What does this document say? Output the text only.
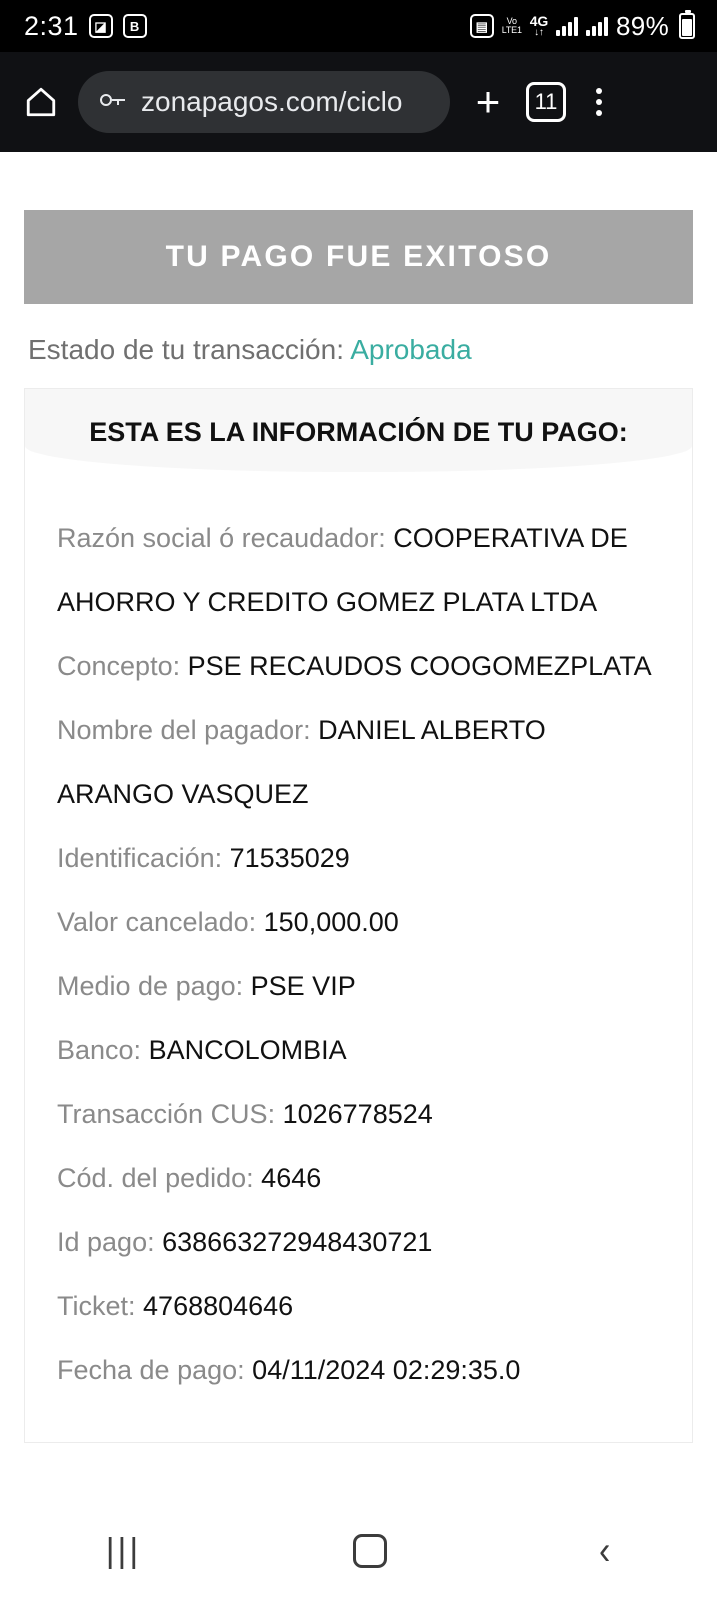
2:31	◪	B	▤	Vo
LTE1
4G
↓↑	89%
zonapagos.com/ciclo +	11
TU PAGO FUE EXITOSO
Estado de tu transacción: Aprobada
ESTA ES LA INFORMACIÓN DE TU PAGO:
Razón social ó recaudador: COOPERATIVA DE AHORRO Y CREDITO GOMEZ PLATA LTDA
Concepto: PSE RECAUDOS COOGOMEZPLATA
Nombre del pagador: DANIEL ALBERTO ARANGO VASQUEZ
Identificación: 71535029
Valor cancelado: 150,000.00
Medio de pago: PSE VIP
Banco: BANCOLOMBIA
Transacción CUS: 1026778524
Cód. del pedido: 4646
Id pago: 638663272948430721
Ticket: 4768804646
Fecha de pago: 04/11/2024 02:29:35.0
|||	‹
